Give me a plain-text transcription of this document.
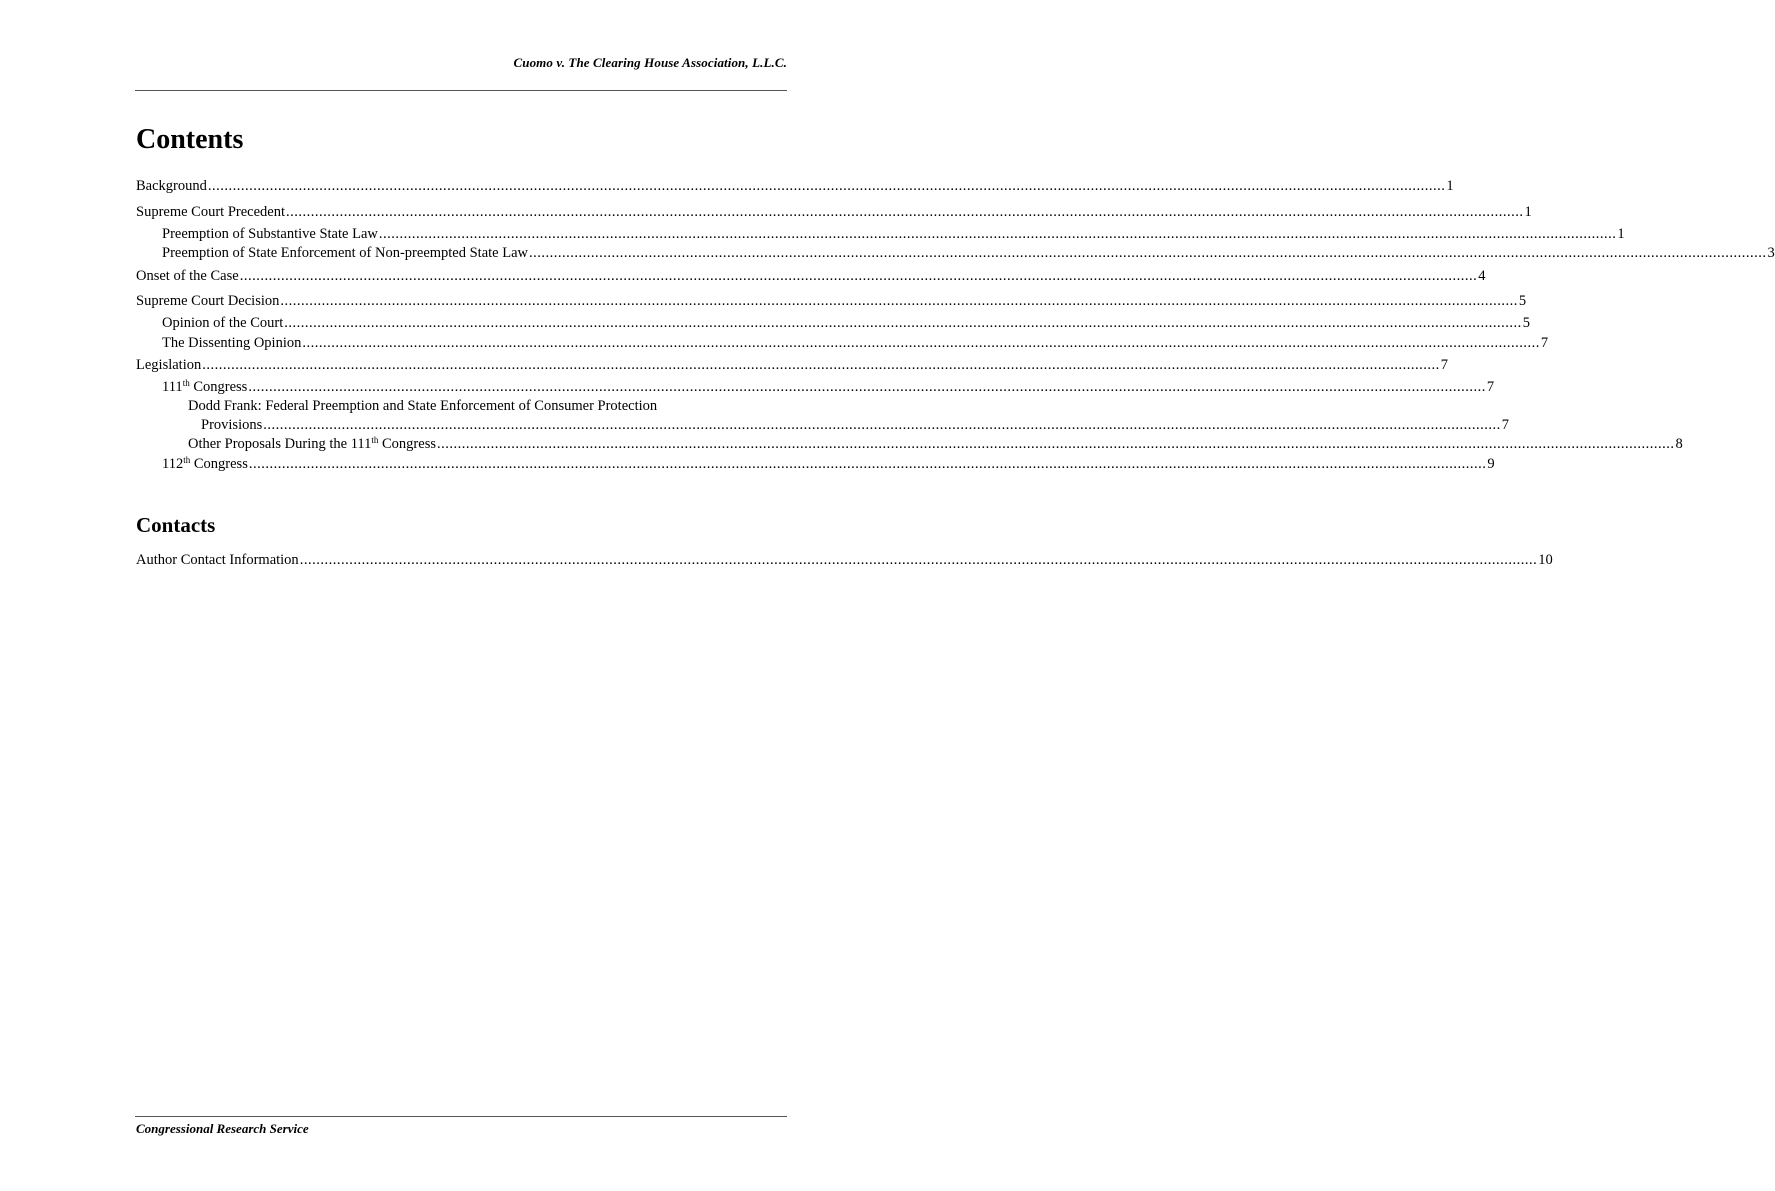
Cuomo v. The Clearing House Association, L.L.C.
Contents
Background ............................................................................................................................................................................................................................................................................................................ 1
Supreme Court Precedent ............................................................................................................................................................................................................................................................................................................ 1
Preemption of Substantive State Law ............................................................................................................................................................................................................................................................................................................ 1
Preemption of State Enforcement of Non-preempted State Law ............................................................................................................................................................................................................................................................................................................ 3
Onset of the Case ............................................................................................................................................................................................................................................................................................................ 4
Supreme Court Decision ............................................................................................................................................................................................................................................................................................................ 5
Opinion of the Court ............................................................................................................................................................................................................................................................................................................ 5
The Dissenting Opinion ............................................................................................................................................................................................................................................................................................................ 7
Legislation ............................................................................................................................................................................................................................................................................................................ 7
111th Congress ............................................................................................................................................................................................................................................................................................................ 7
Dodd Frank: Federal Preemption and State Enforcement of Consumer Protection
Provisions ............................................................................................................................................................................................................................................................................................................ 7
Other Proposals During the 111th Congress ............................................................................................................................................................................................................................................................................................................ 8
112th Congress ............................................................................................................................................................................................................................................................................................................ 9
Contacts
Author Contact Information ............................................................................................................................................................................................................................................................................................................ 10
Congressional Research Service
